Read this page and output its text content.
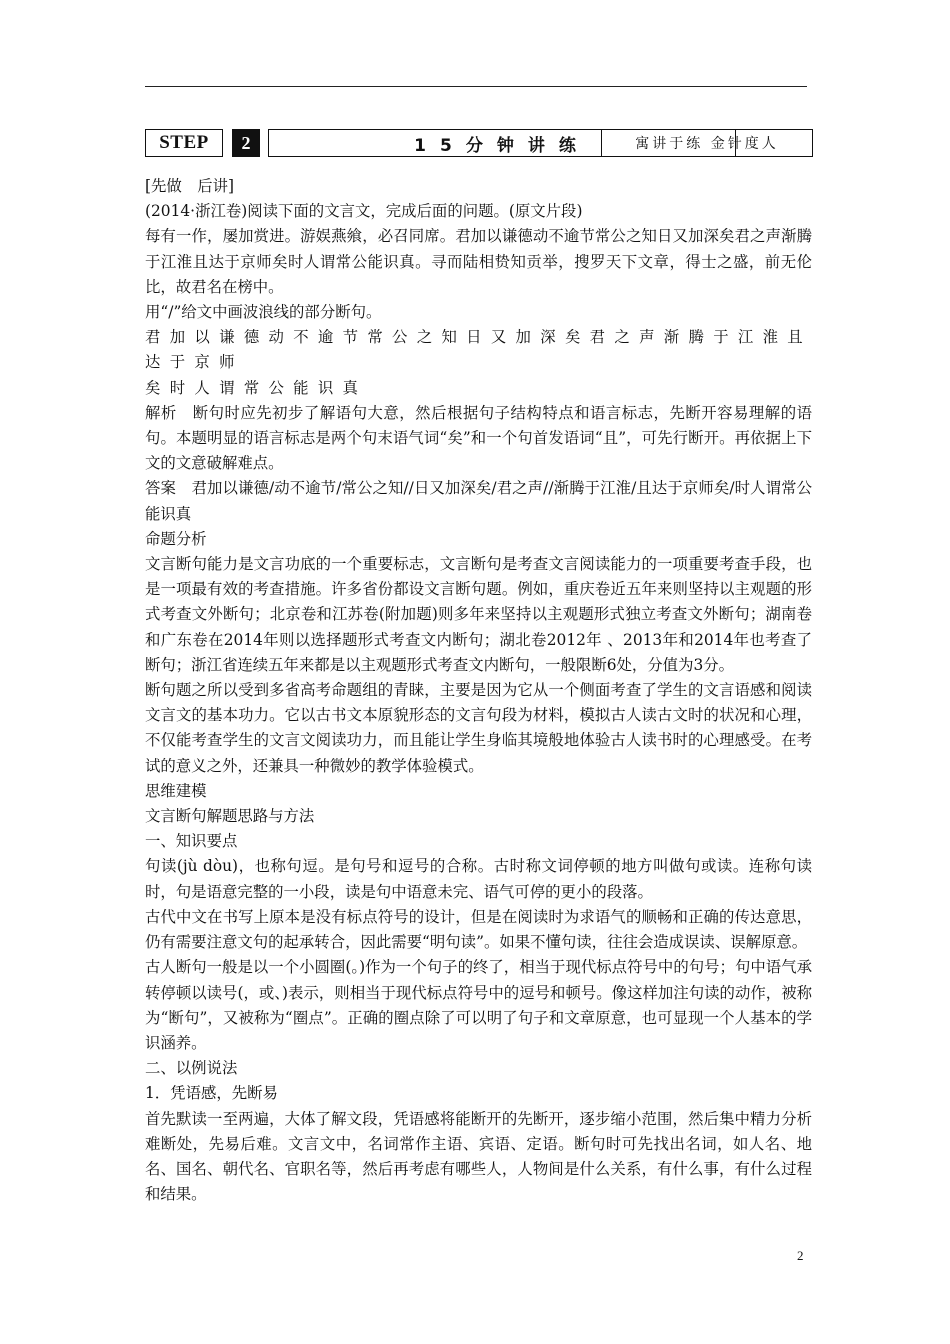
STEP	2	15分钟讲练	寓讲于练 金针度人

[先做 后讲]

(2014·浙江卷)阅读下面的文言文，完成后面的问题。(原文片段)

每有一作，屡加赏进。游娱燕飨，必召同席。君加以谦德动不逾节常公之知日又加深矣君之声渐腾于江淮且达于京师矣时人谓常公能识真。寻而陆相贽知贡举，搜罗天下文章，得士之盛，前无伦比，故君名在榜中。

用“/”给文中画波浪线的部分断句。

君加以谦德动不逾节常公之知日又加深矣君之声渐腾于江淮且达于京师

矣时人谓常公能识真

解析 断句时应先初步了解语句大意，然后根据句子结构特点和语言标志，先断开容易理解的语句。本题明显的语言标志是两个句末语气词“矣”和一个句首发语词“且”，可先行断开。再依据上下文的文意破解难点。

答案 君加以谦德/动不逾节/常公之知//日又加深矣/君之声//渐腾于江淮/且达于京师矣/时人谓常公能识真

命题分析

文言断句能力是文言功底的一个重要标志，文言断句是考查文言阅读能力的一项重要考查手段，也是一项最有效的考查措施。许多省份都设文言断句题。例如，重庆卷近五年来则坚持以主观题的形式考查文外断句；北京卷和江苏卷(附加题)则多年来坚持以主观题形式独立考查文外断句；湖南卷和广东卷在2014年则以选择题形式考查文内断句；湖北卷2012年 、2013年和2014年也考查了断句；浙江省连续五年来都是以主观题形式考查文内断句，一般限断6处，分值为3分。

断句题之所以受到多省高考命题组的青睐，主要是因为它从一个侧面考查了学生的文言语感和阅读文言文的基本功力。它以古书文本原貌形态的文言句段为材料，模拟古人读古文时的状况和心理，不仅能考查学生的文言文阅读功力，而且能让学生身临其境般地体验古人读书时的心理感受。在考试的意义之外，还兼具一种微妙的教学体验模式。

思维建模

文言断句解题思路与方法

一、知识要点

句读(jù dòu)，也称句逗。是句号和逗号的合称。古时称文词停顿的地方叫做句或读。连称句读时，句是语意完整的一小段，读是句中语意未完、语气可停的更小的段落。

古代中文在书写上原本是没有标点符号的设计，但是在阅读时为求语气的顺畅和正确的传达意思，仍有需要注意文句的起承转合，因此需要“明句读”。如果不懂句读，往往会造成误读、误解原意。

古人断句一般是以一个小圆圈(。)作为一个句子的终了，相当于现代标点符号中的句号；句中语气承转停顿以读号(，或、)表示，则相当于现代标点符号中的逗号和顿号。像这样加注句读的动作，被称为“断句”，又被称为“圈点”。正确的圈点除了可以明了句子和文章原意，也可显现一个人基本的学识涵养。

二、以例说法

1．凭语感，先断易

首先默读一至两遍，大体了解文段，凭语感将能断开的先断开，逐步缩小范围，然后集中精力分析难断处，先易后难。文言文中，名词常作主语、宾语、定语。断句时可先找出名词，如人名、地名、国名、朝代名、官职名等，然后再考虑有哪些人，人物间是什么关系，有什么事，有什么过程和结果。

2
